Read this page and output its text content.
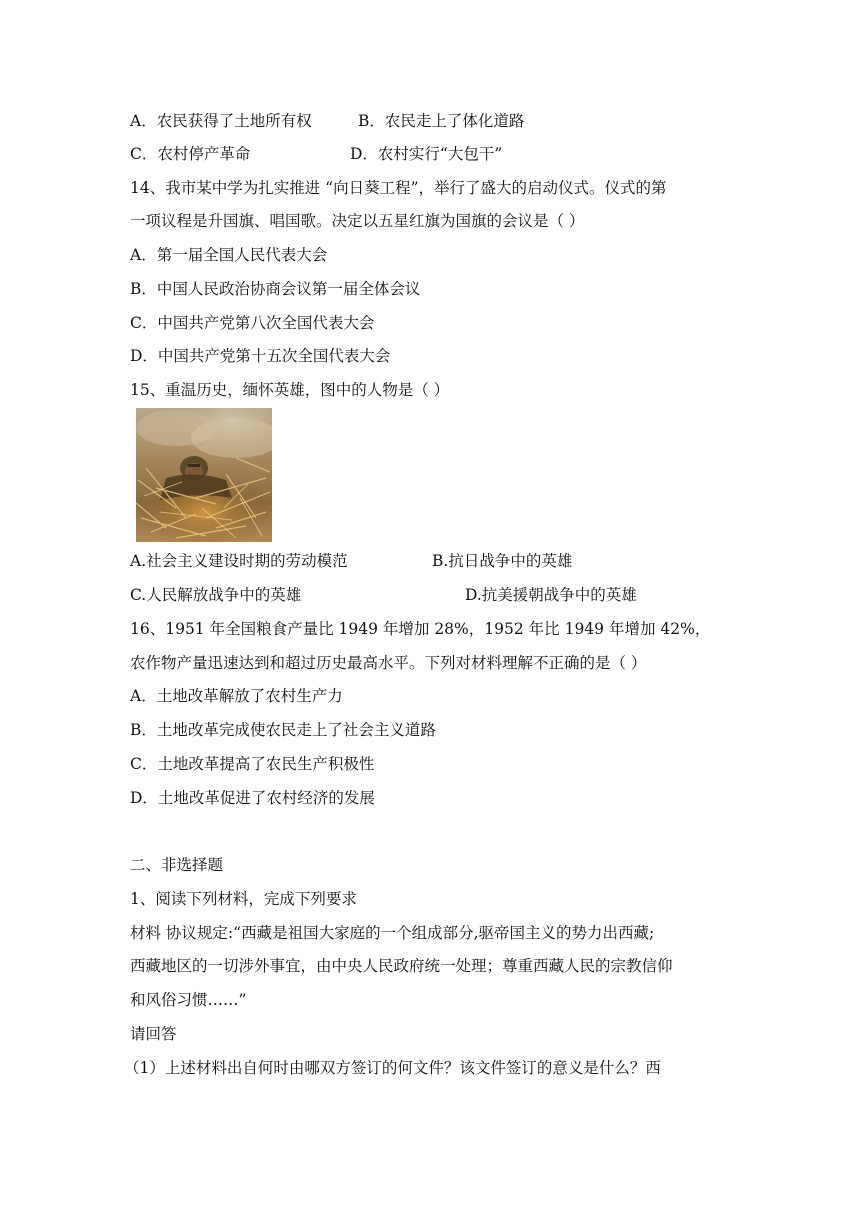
A．农民获得了土地所有权	B．农民走上了体化道路
C．农村停产革命	D．农村实行“大包干”
14、我市某中学为扎实推进 “向日葵工程”，举行了盛大的启动仪式。仪式的第
一项议程是升国旗、唱国歌。决定以五星红旗为国旗的会议是（ ）
A．第一届全国人民代表大会
B．中国人民政治协商会议第一届全体会议
C．中国共产党第八次全国代表大会
D．中国共产党第十五次全国代表大会
15、重温历史，缅怀英雄，图中的人物是（ ）
A.社会主义建设时期的劳动模范	B.抗日战争中的英雄
C.人民解放战争中的英雄	D.抗美援朝战争中的英雄
16、1951 年全国粮食产量比 1949 年增加 28%，1952 年比 1949 年增加 42%，
农作物产量迅速达到和超过历史最高水平。下列对材料理解不正确的是（ ）
A．土地改革解放了农村生产力
B．土地改革完成使农民走上了社会主义道路
C．土地改革提高了农民生产积极性
D．土地改革促进了农村经济的发展
二、非选择题
1、阅读下列材料，完成下列要求
材料 协议规定:“西藏是祖国大家庭的一个组成部分,驱帝国主义的势力出西藏;
西藏地区的一切涉外事宜，由中央人民政府统一处理；尊重西藏人民的宗教信仰
和风俗习惯……”
请回答
（1）上述材料出自何时由哪双方签订的何文件？该文件签订的意义是什么？西
